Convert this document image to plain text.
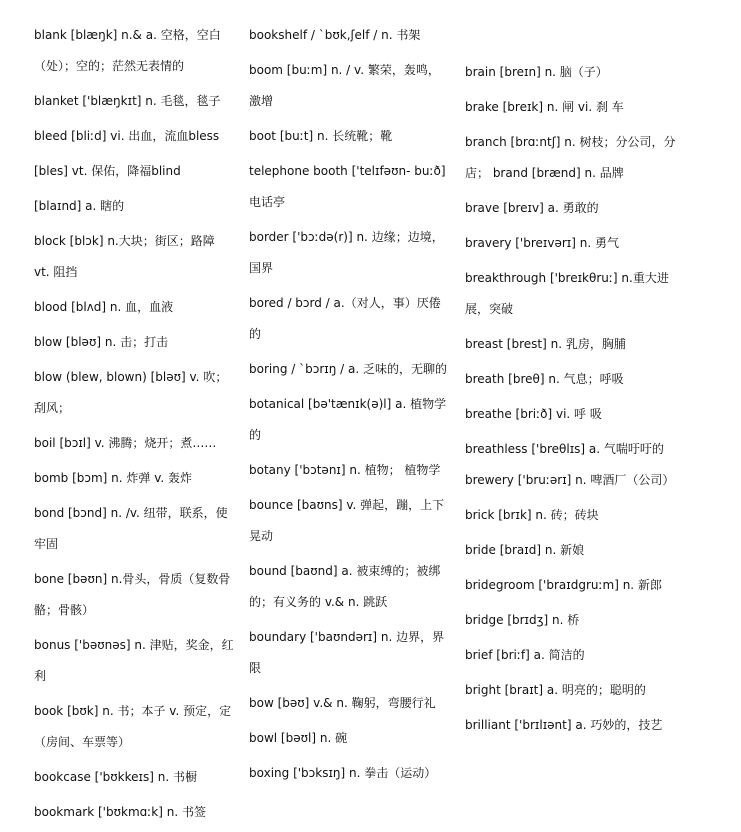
blank [blæŋk] n.& a. 空格，空白（处）；空的；茫然无表情的

blanket ['blæŋkɪt] n. 毛毯，毯子

bleed [bliːd] vi. 出血，流血bless

[bles] vt. 保佑，降福blind

[blaɪnd] a. 瞎的

block [blɔk] n.大块；街区；路障 vt. 阻挡

blood [blʌd] n. 血，血液

blow [bləʊ] n. 击；打击

blow (blew, blown) [bləʊ] v. 吹；刮风；

boil [bɔɪl] v. 沸腾；烧开；煮……

bomb [bɔm] n. 炸弹 v. 轰炸

bond [bɔnd] n. /v. 纽带，联系，使牢固

bone [bəʊn] n.骨头，骨质（复数骨骼；骨骸）

bonus ['bəʊnəs] n. 津贴，奖金，红利

book [bʊk] n. 书；本子 v. 预定，定（房间、车票等）

bookcase ['bʊkkeɪs] n. 书橱

bookmark ['bʊkmɑːk] n. 书签

bookshelf / `bʊk,ʃelf / n. 书架

boom [buːm] n. / v. 繁荣，轰鸣，激增

boot [buːt] n. 长统靴；靴

telephone booth ['telɪfəʊn- buːð] 电话亭

border ['bɔːdə(r)] n. 边缘；边境，国界

bored / bɔrd / a.（对人，事）厌倦的

boring / `bɔrɪŋ / a. 乏味的，无聊的

botanical [bə'tænɪk(ə)l] a. 植物学的

botany ['bɔtənɪ] n. 植物； 植物学

bounce [baʊns] v. 弹起，蹦，上下晃动

bound [baʊnd] a. 被束缚的；被绑的；有义务的 v.& n. 跳跃

boundary ['baʊndərɪ] n. 边界，界限

bow [bəʊ] v.& n. 鞠躬，弯腰行礼

bowl [bəʊl] n. 碗

boxing ['bɔksɪŋ] n. 拳击（运动）

brain [breɪn] n. 脑（子）

brake [breɪk] n. 闸 vi. 刹 车

branch [brɑːntʃ] n. 树枝；分公司，分店； brand [brænd] n. 品牌

brave [breɪv] a. 勇敢的

bravery ['breɪvərɪ] n. 勇气

breakthrough ['breɪkθruː] n.重大进展，突破

breast [brest] n. 乳房，胸脯

breath [breθ] n. 气息；呼吸

breathe [briːð] vi. 呼 吸

breathless ['breθlɪs] a. 气喘吁吁的brewery ['bruːərɪ] n. 啤酒厂（公司）

brick [brɪk] n. 砖；砖块

bride [braɪd] n. 新娘

bridegroom ['braɪdgruːm] n. 新郎

bridge [brɪdʒ] n. 桥

brief [briːf] a. 简洁的

bright [braɪt] a. 明亮的；聪明的

brilliant ['brɪlɪənt] a. 巧妙的，技艺
